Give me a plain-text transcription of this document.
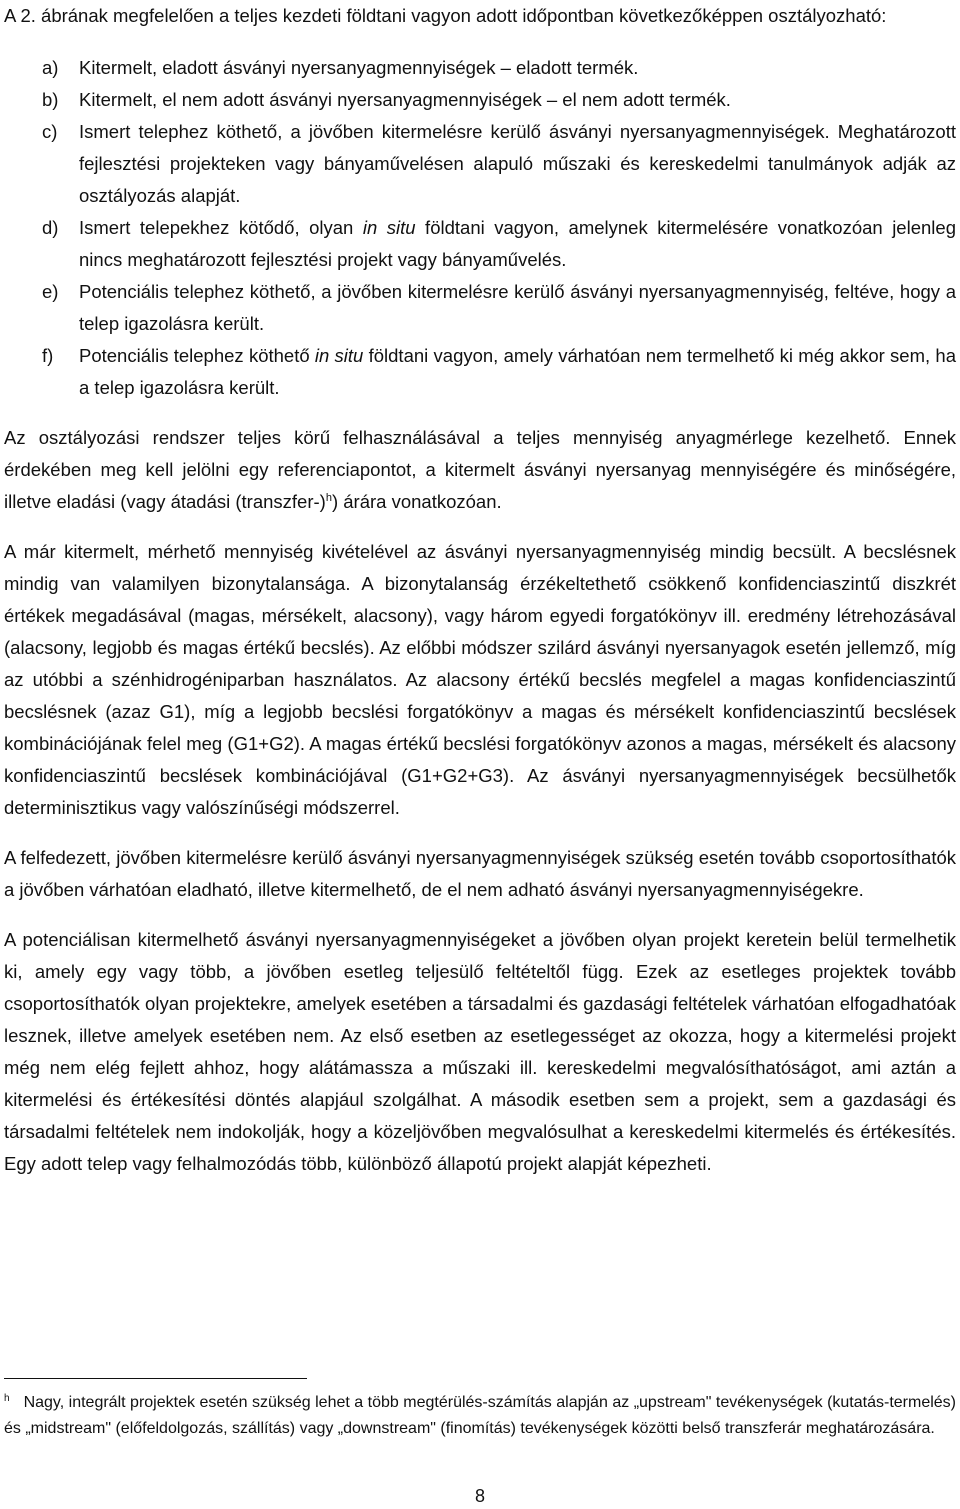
A 2. ábrának megfelelően a teljes kezdeti földtani vagyon adott időpontban következőképpen osztályozható:

a)	Kitermelt, eladott ásványi nyersanyagmennyiségek – eladott termék.
b)	Kitermelt, el nem adott ásványi nyersanyagmennyiségek – el nem adott termék.
c)	Ismert telephez köthető, a jövőben kitermelésre kerülő ásványi nyersanyagmennyiségek. Meghatározott fejlesztési projekteken vagy bányaművelésen alapuló műszaki és kereskedelmi tanulmányok adják az osztályozás alapját.
d)	Ismert telepekhez kötődő, olyan in situ földtani vagyon, amelynek kitermelésére vonatkozóan jelenleg nincs meghatározott fejlesztési projekt vagy bányaművelés.
e)	Potenciális telephez köthető, a jövőben kitermelésre kerülő ásványi nyersanyagmennyiség, feltéve, hogy a telep igazolásra került.
f)	Potenciális telephez köthető in situ földtani vagyon, amely várhatóan nem termelhető ki még akkor sem, ha a telep igazolásra került.

Az osztályozási rendszer teljes körű felhasználásával a teljes mennyiség anyagmérlege kezelhető. Ennek érdekében meg kell jelölni egy referenciapontot, a kitermelt ásványi nyersanyag mennyiségére és minőségére, illetve eladási (vagy átadási (transzfer-)$^h$) árára vonatkozóan.

A már kitermelt, mérhető mennyiség kivételével az ásványi nyersanyagmennyiség mindig becsült. A becslésnek mindig van valamilyen bizonytalansága. A bizonytalanság érzékeltethető csökkenő konfidenciaszintű diszkrét értékek megadásával (magas, mérsékelt, alacsony), vagy három egyedi forgatókönyv ill. eredmény létrehozásával (alacsony, legjobb és magas értékű becslés). Az előbbi módszer szilárd ásványi nyersanyagok esetén jellemző, míg az utóbbi a szénhidrogéniparban használatos. Az alacsony értékű becslés megfelel a magas konfidenciaszintű becslésnek (azaz G1), míg a legjobb becslési forgatókönyv a magas és mérsékelt konfidenciaszintű becslések kombinációjának felel meg (G1+G2). A magas értékű becslési forgatókönyv azonos a magas, mérsékelt és alacsony konfidenciaszintű becslések kombinációjával (G1+G2+G3). Az ásványi nyersanyagmennyiségek becsülhetők determinisztikus vagy valószínűségi módszerrel.

A felfedezett, jövőben kitermelésre kerülő ásványi nyersanyagmennyiségek szükség esetén tovább csoportosíthatók a jövőben várhatóan eladható, illetve kitermelhető, de el nem adható ásványi nyersanyagmennyiségekre.

A potenciálisan kitermelhető ásványi nyersanyagmennyiségeket a jövőben olyan projekt keretein belül termelhetik ki, amely egy vagy több, a jövőben esetleg teljesülő feltételtől függ. Ezek az esetleges projektek tovább csoportosíthatók olyan projektekre, amelyek esetében a társadalmi és gazdasági feltételek várhatóan elfogadhatóak lesznek, illetve amelyek esetében nem. Az első esetben az esetlegességet az okozza, hogy a kitermelési projekt még nem elég fejlett ahhoz, hogy alátámassza a műszaki ill. kereskedelmi megvalósíthatóságot, ami aztán a kitermelési és értékesítési döntés alapjául szolgálhat. A második esetben sem a projekt, sem a gazdasági és társadalmi feltételek nem indokolják, hogy a közeljövőben megvalósulhat a kereskedelmi kitermelés és értékesítés. Egy adott telep vagy felhalmozódás több, különböző állapotú projekt alapját képezheti.

$^h$ Nagy, integrált projektek esetén szükség lehet a több megtérülés-számítás alapján az „upstream" tevékenységek (kutatás-termelés) és „midstream" (előfeldolgozás, szállítás) vagy „downstream" (finomítás) tevékenységek közötti belső transzferár meghatározására.
8
